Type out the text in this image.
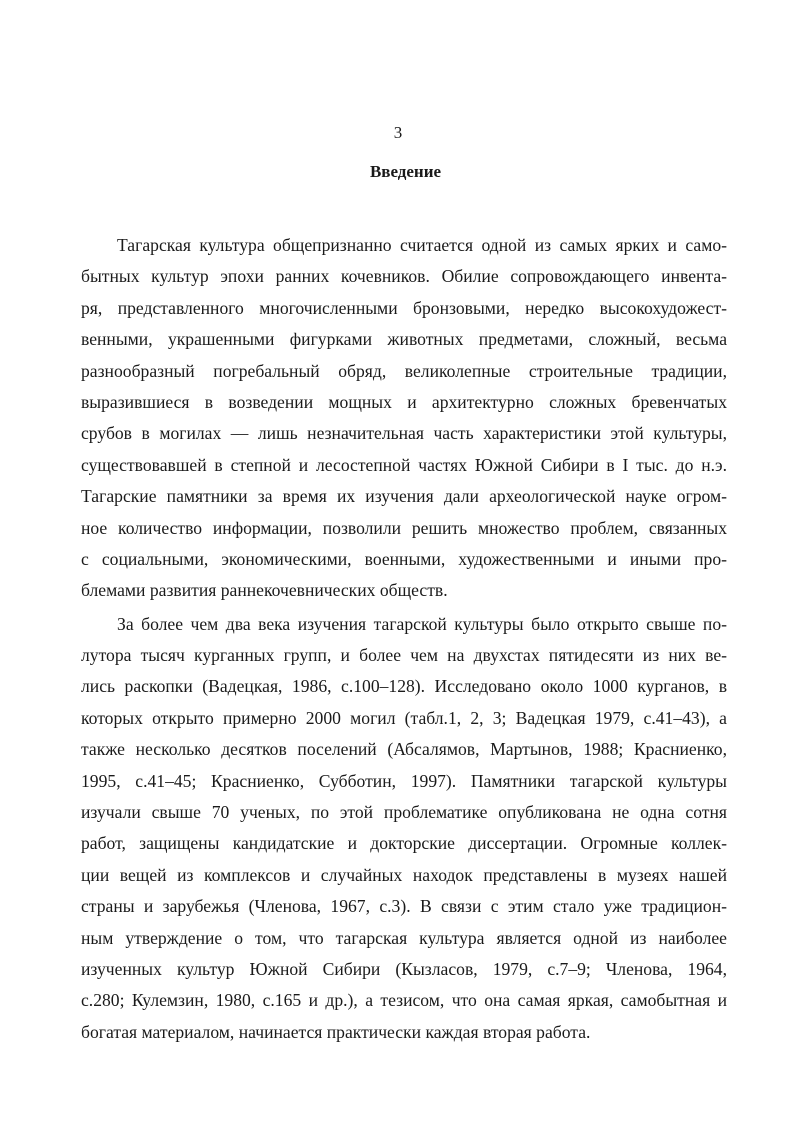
3
Введение
Тагарская культура общепризнанно считается одной из самых ярких и само-
бытных культур эпохи ранних кочевников. Обилие сопровождающего инвента-
ря, представленного многочисленными бронзовыми, нередко высокохудожест-
венными, украшенными фигурками животных предметами, сложный, весьма
разнообразный погребальный обряд, великолепные строительные традиции,
выразившиеся в возведении мощных и архитектурно сложных бревенчатых
срубов в могилах — лишь незначительная часть характеристики этой культуры,
существовавшей в степной и лесостепной частях Южной Сибири в I тыс. до н.э.
Тагарские памятники за время их изучения дали археологической науке огром-
ное количество информации, позволили решить множество проблем, связанных
с социальными, экономическими, военными, художественными и иными про-
блемами развития раннекочевнических обществ.
За более чем два века изучения тагарской культуры было открыто свыше по-
лутора тысяч курганных групп, и более чем на двухстах пятидесяти из них ве-
лись раскопки (Вадецкая, 1986, с.100–128). Исследовано около 1000 курганов, в
которых открыто примерно 2000 могил (табл.1, 2, 3; Вадецкая 1979, с.41–43), а
также несколько десятков поселений (Абсалямов, Мартынов, 1988; Красниенко,
1995, с.41–45; Красниенко, Субботин, 1997). Памятники тагарской культуры
изучали свыше 70 ученых, по этой проблематике опубликована не одна сотня
работ, защищены кандидатские и докторские диссертации. Огромные коллек-
ции вещей из комплексов и случайных находок представлены в музеях нашей
страны и зарубежья (Членова, 1967, с.3). В связи с этим стало уже традицион-
ным утверждение о том, что тагарская культура является одной из наиболее
изученных культур Южной Сибири (Кызласов, 1979, с.7–9; Членова, 1964,
с.280; Кулемзин, 1980, с.165 и др.), а тезисом, что она самая яркая, самобытная и
богатая материалом, начинается практически каждая вторая работа.
